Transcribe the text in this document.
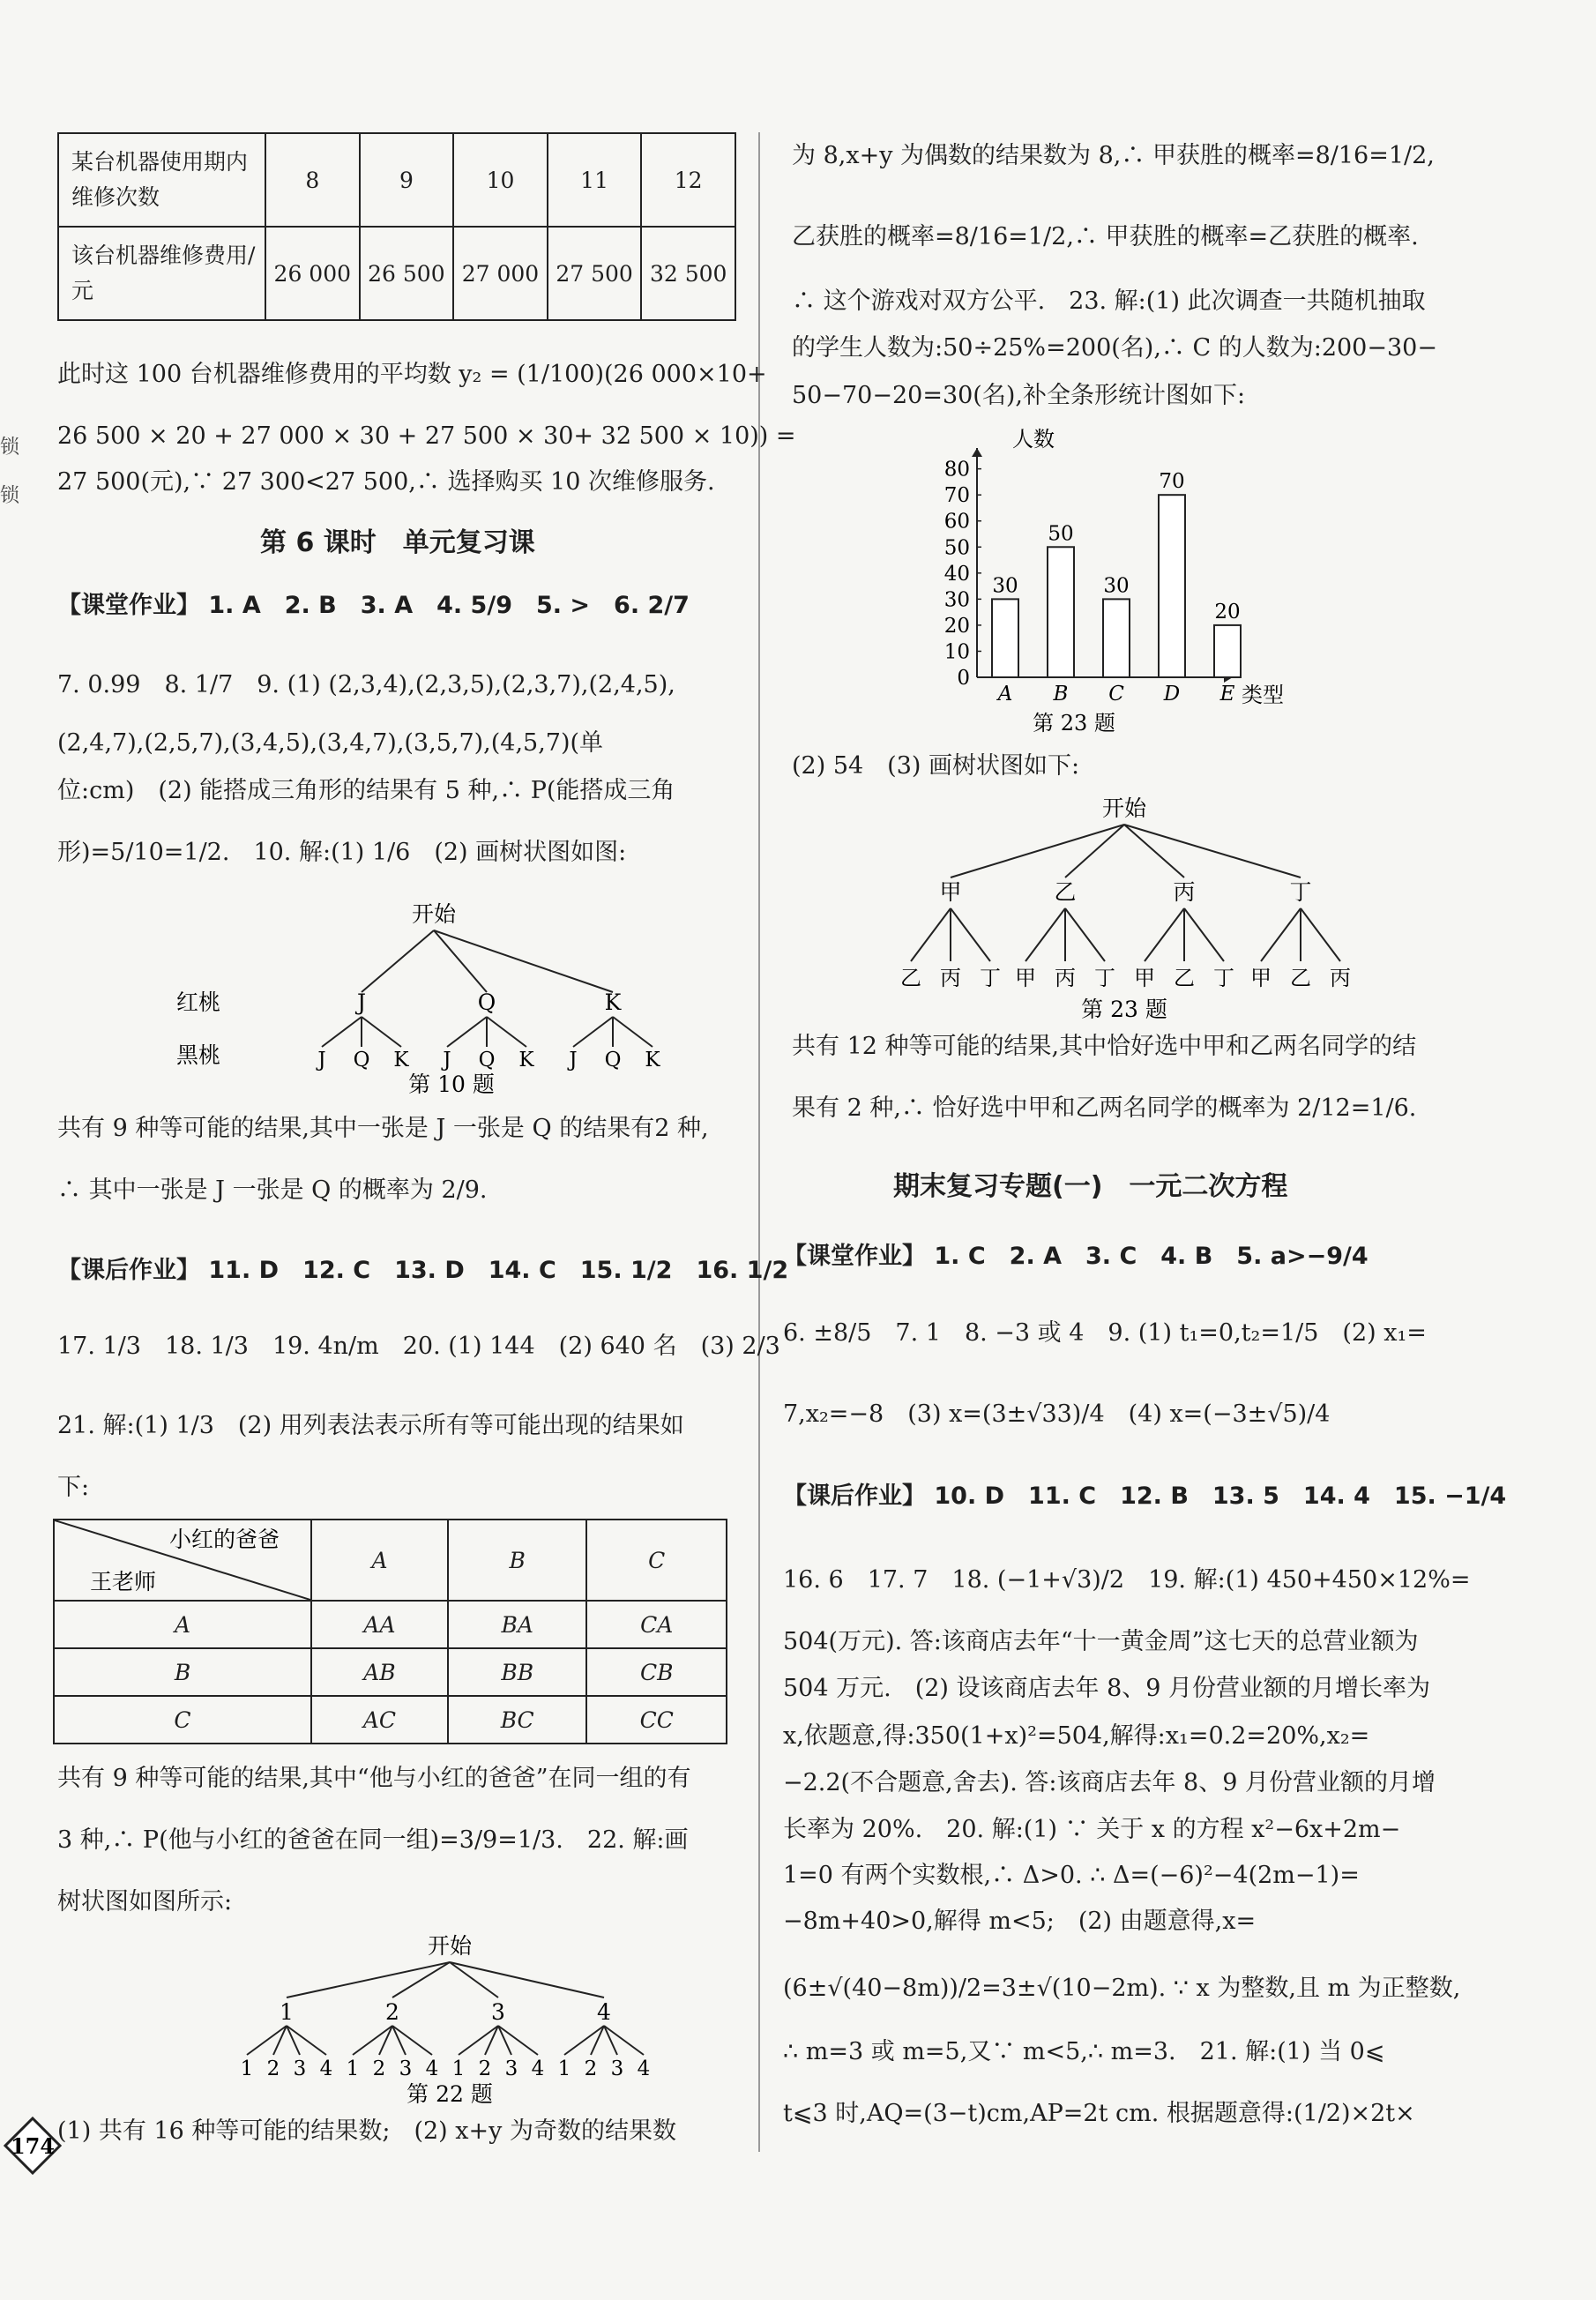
锁
锁
某台机器使用期内维修次数	8	9	10	11	12
该台机器维修费用/元	26 000	26 500	27 000	27 500	32 500
此时这 100 台机器维修费用的平均数 y₂ = (1/100)(26 000×10+
26 500 × 20 + 27 000 × 30 + 27 500 × 30+ 32 500 × 10)) =
27 500(元),∵ 27 300<27 500,∴ 选择购买 10 次维修服务.
第 6 课时　单元复习课
【课堂作业】 1. A　2. B　3. A　4. 5/9　5. >　6. 2/7
7. 0.99　8. 1/7　9. (1) (2,3,4),(2,3,5),(2,3,7),(2,4,5),
(2,4,7),(2,5,7),(3,4,5),(3,4,7),(3,5,7),(4,5,7)(单
位:cm)　(2) 能搭成三角形的结果有 5 种,∴ P(能搭成三角
形)=5/10=1/2.　10. 解:(1) 1/6　(2) 画树状图如图:
开始
红桃
黑桃
J	Q	K
J Q K J Q K J Q K
第 10 题
共有 9 种等可能的结果,其中一张是 J 一张是 Q 的结果有2 种,
∴ 其中一张是 J 一张是 Q 的概率为 2/9.
【课后作业】 11. D　12. C　13. D　14. C　15. 1/2　16. 1/2
17. 1/3　18. 1/3　19. 4n/m　20. (1) 144　(2) 640 名　(3) 2/3
21. 解:(1) 1/3　(2) 用列表法表示所有等可能出现的结果如
下:
小红的爸爸
王老师	A	B	C
A	AA	BA	CA
B	AB	BB	CB
C	AC	BC	CC
共有 9 种等可能的结果,其中“他与小红的爸爸”在同一组的有
3 种,∴ P(他与小红的爸爸在同一组)=3/9=1/3.　22. 解:画
树状图如图所示:
开始
1
1 2 3 4
2
1 2 3 4
3
1 2 3 4
4
1 2 3 4
第 22 题
(1) 共有 16 种等可能的结果数;　(2) x+y 为奇数的结果数
为 8,x+y 为偶数的结果数为 8,∴ 甲获胜的概率=8/16=1/2,
乙获胜的概率=8/16=1/2,∴ 甲获胜的概率=乙获胜的概率.
∴ 这个游戏对双方公平.　23. 解:(1) 此次调查一共随机抽取
的学生人数为:50÷25%=200(名),∴ C 的人数为:200−30−
50−70−20=30(名),补全条形统计图如下:
人数
类型
第 23 题
0
10
20
30
40
50
60
70
80
30
A
50
B
30
C
70
D
20
E
(2) 54　(3) 画树状图如下:
开始
甲
乙 丙 丁
乙
甲 丙 丁
丙
甲 乙 丁
丁
甲 乙 丙
第 23 题
共有 12 种等可能的结果,其中恰好选中甲和乙两名同学的结
果有 2 种,∴ 恰好选中甲和乙两名同学的概率为 2/12=1/6.
期末复习专题(一)　一元二次方程
【课堂作业】 1. C　2. A　3. C　4. B　5. a>−9/4
6. ±8/5　7. 1　8. −3 或 4　9. (1) t₁=0,t₂=1/5　(2) x₁=
7,x₂=−8　(3) x=(3±√33)/4　(4) x=(−3±√5)/4
【课后作业】 10. D　11. C　12. B　13. 5　14. 4　15. −1/4
16. 6　17. 7　18. (−1+√3)/2　19. 解:(1) 450+450×12%=
504(万元). 答:该商店去年“十一黄金周”这七天的总营业额为
504 万元.　(2) 设该商店去年 8、9 月份营业额的月增长率为
x,依题意,得:350(1+x)²=504,解得:x₁=0.2=20%,x₂=
−2.2(不合题意,舍去). 答:该商店去年 8、9 月份营业额的月增
长率为 20%.　20. 解:(1) ∵ 关于 x 的方程 x²−6x+2m−
1=0 有两个实数根,∴ Δ>0. ∴ Δ=(−6)²−4(2m−1)=
−8m+40>0,解得 m<5;　(2) 由题意得,x=
(6±√(40−8m))/2=3±√(10−2m). ∵ x 为整数,且 m 为正整数,
∴ m=3 或 m=5,又∵ m<5,∴ m=3.　21. 解:(1) 当 0⩽
t⩽3 时,AQ=(3−t)cm,AP=2t cm. 根据题意得:(1/2)×2t×
174
